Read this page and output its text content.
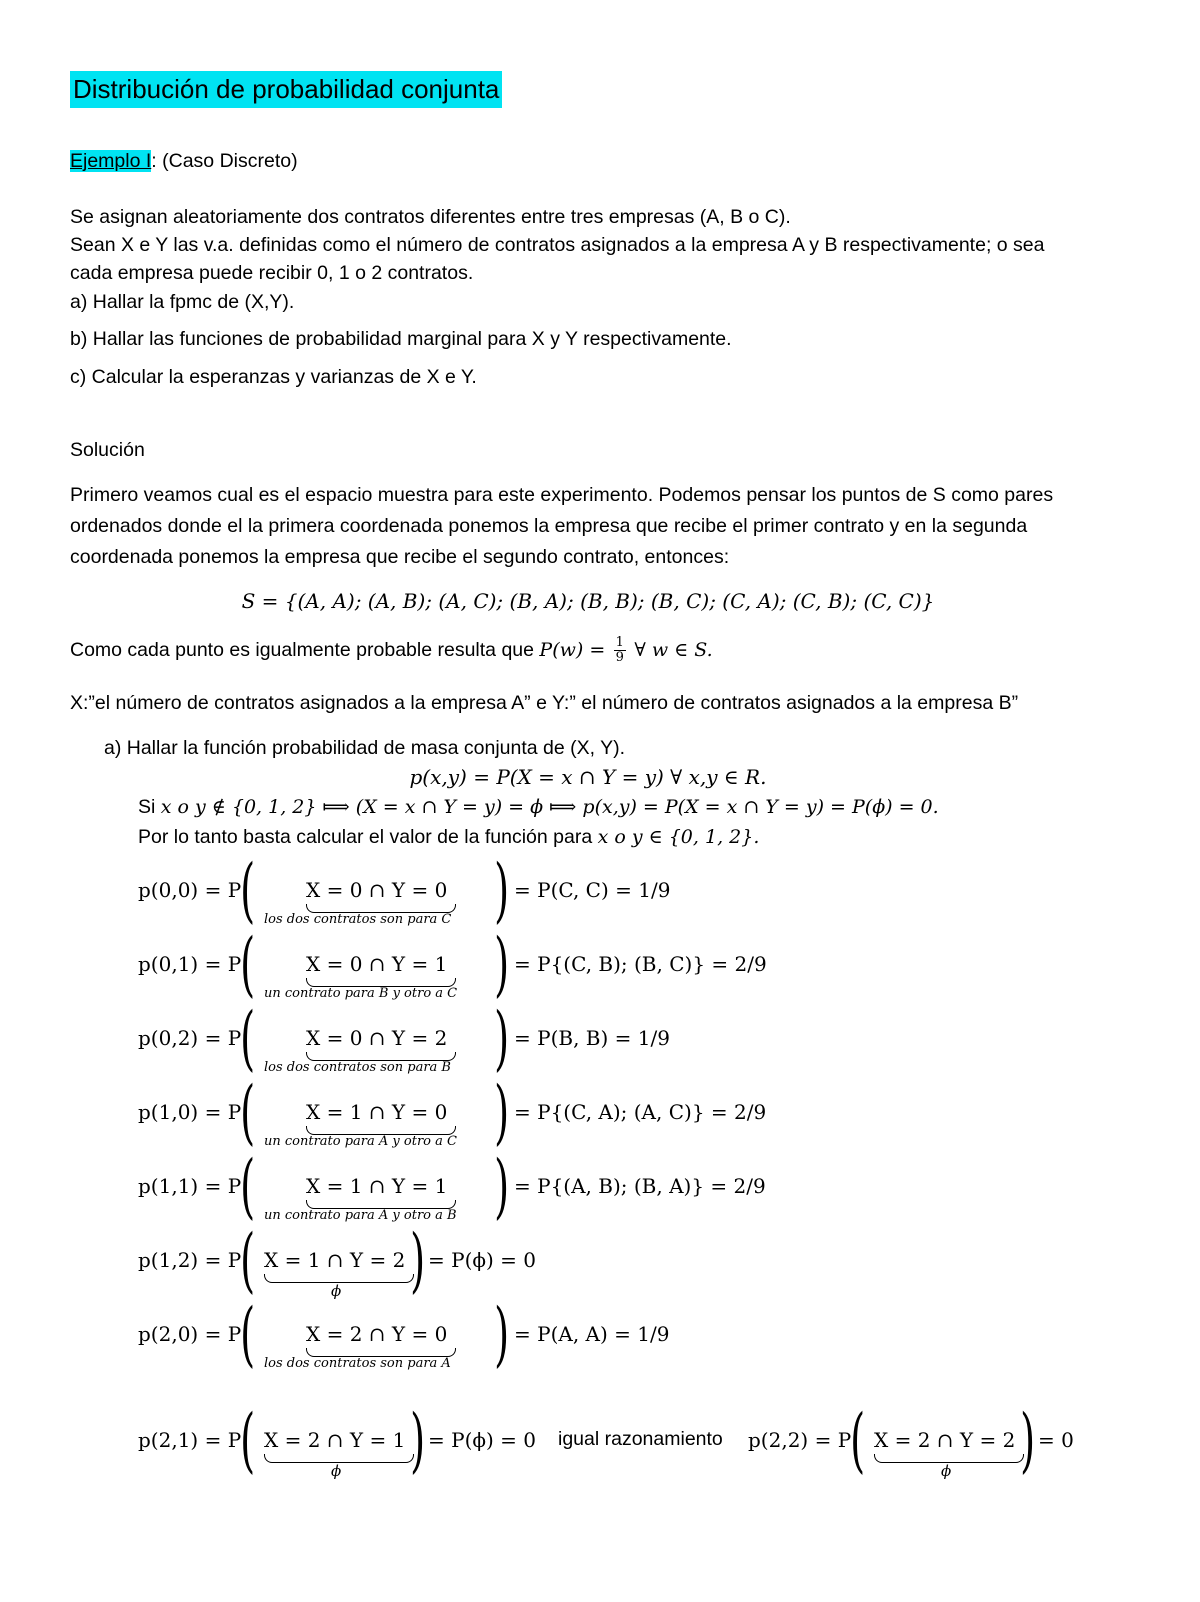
Distribución de probabilidad conjunta
Ejemplo I: (Caso Discreto)
Se asignan aleatoriamente dos contratos diferentes entre tres empresas (A, B o C).
Sean X e Y las v.a. definidas como el número de contratos asignados a la empresa A y B respectivamente; o sea
cada empresa puede recibir 0, 1 o 2 contratos.
a) Hallar la fpmc de (X,Y).
b) Hallar las funciones de probabilidad marginal para X y Y respectivamente.
c) Calcular la esperanzas y varianzas de X e Y.
Solución
Primero veamos cual es el espacio muestra para este experimento. Podemos pensar los puntos de S como pares
ordenados donde el la primera coordenada ponemos la empresa que recibe el primer contrato y en la segunda
coordenada ponemos la empresa que recibe el segundo contrato, entonces:
S = {(A, A); (A, B); (A, C); (B, A); (B, B); (B, C); (C, A); (C, B); (C, C)}
Como cada punto es igualmente probable resulta que $P(w) = \frac{1}{9}$ ∀ w ∈ S.
X:”el número de contratos asignados a la empresa A” e Y:” el número de contratos asignados a la empresa B”
a) Hallar la función probabilidad de masa conjunta de (X, Y).
p(x,y) = P(X = x ∩ Y = y) ∀ x,y ∈ R.
Si x o y ∉ {0, 1, 2} ⟾ (X = x ∩ Y = y) = ϕ ⟾ p(x,y) = P(X = x ∩ Y = y) = P(ϕ) = 0.
Por lo tanto basta calcular el valor de la función para x o y ∈ {0, 1, 2}.
p(0,0) = P
(	X = 0 ∩ Y = 0
los dos contratos son para C ) = P(C, C) = 1/9
p(0,1) = P
(	X = 0 ∩ Y = 1
un contrato para B y otro a C ) = P{(C, B); (B, C)} = 2/9
p(0,2) = P
(	X = 0 ∩ Y = 2
los dos contratos son para B ) = P(B, B) = 1/9
p(1,0) = P
(	X = 1 ∩ Y = 0
un contrato para A y otro a C ) = P{(C, A); (A, C)} = 2/9
p(1,1) = P
(	X = 1 ∩ Y = 1
un contrato para A y otro a B ) = P{(A, B); (B, A)} = 2/9
p(1,2) = P
( X = 1 ∩ Y = 2
ϕ ) = P(ϕ) = 0
p(2,0) = P
(	X = 2 ∩ Y = 0
los dos contratos son para A ) = P(A, A) = 1/9
p(2,1) = P
( X = 2 ∩ Y = 1
ϕ ) = P(ϕ) = 0 igual razonamiento p(2,2) = P
( X = 2 ∩ Y = 2
ϕ ) = 0
